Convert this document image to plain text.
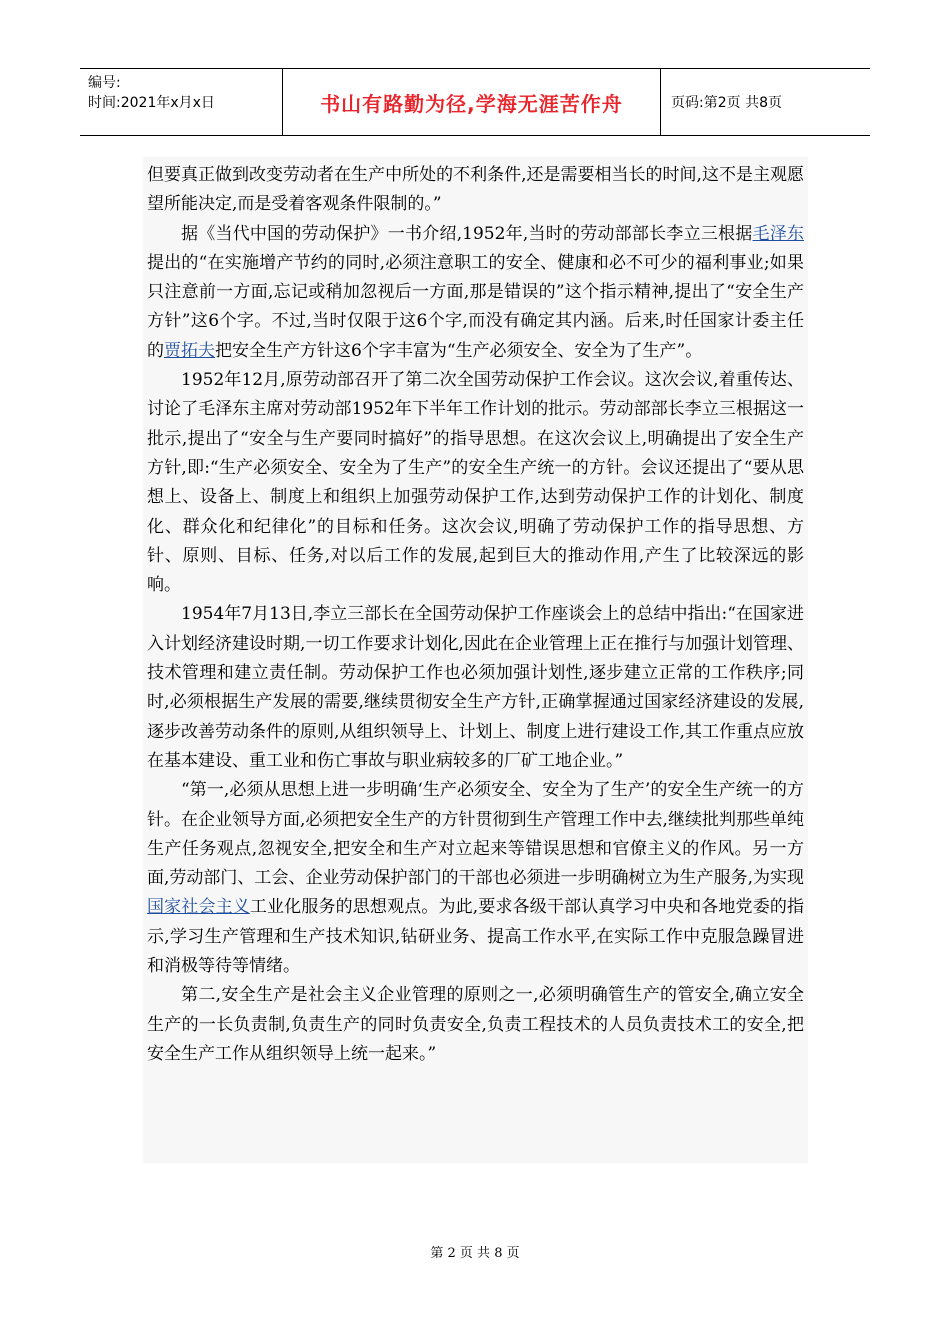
编号:
时间:2021年x月x日	书山有路勤为径,学海无涯苦作舟	页码:第2页 共8页

但要真正做到改变劳动者在生产中所处的不利条件,还是需要相当长的时间,这不是主观愿望所能决定,而是受着客观条件限制的。”

据《当代中国的劳动保护》一书介绍,1952年,当时的劳动部部长李立三根据毛泽东提出的“在实施增产节约的同时,必须注意职工的安全、健康和必不可少的福利事业;如果只注意前一方面,忘记或稍加忽视后一方面,那是错误的”这个指示精神,提出了“安全生产方针”这6个字。不过,当时仅限于这6个字,而没有确定其内涵。后来,时任国家计委主任的贾拓夫把安全生产方针这6个字丰富为“生产必须安全、安全为了生产”。

1952年12月,原劳动部召开了第二次全国劳动保护工作会议。这次会议,着重传达、讨论了毛泽东主席对劳动部1952年下半年工作计划的批示。劳动部部长李立三根据这一批示,提出了“安全与生产要同时搞好”的指导思想。在这次会议上,明确提出了安全生产方针,即:“生产必须安全、安全为了生产”的安全生产统一的方针。会议还提出了“要从思想上、设备上、制度上和组织上加强劳动保护工作,达到劳动保护工作的计划化、制度化、群众化和纪律化”的目标和任务。这次会议,明确了劳动保护工作的指导思想、方针、原则、目标、任务,对以后工作的发展,起到巨大的推动作用,产生了比较深远的影响。

1954年7月13日,李立三部长在全国劳动保护工作座谈会上的总结中指出:“在国家进入计划经济建设时期,一切工作要求计划化,因此在企业管理上正在推行与加强计划管理、技术管理和建立责任制。劳动保护工作也必须加强计划性,逐步建立正常的工作秩序;同时,必须根据生产发展的需要,继续贯彻安全生产方针,正确掌握通过国家经济建设的发展,逐步改善劳动条件的原则,从组织领导上、计划上、制度上进行建设工作,其工作重点应放在基本建设、重工业和伤亡事故与职业病较多的厂矿工地企业。”

“第一,必须从思想上进一步明确‘生产必须安全、安全为了生产’的安全生产统一的方针。在企业领导方面,必须把安全生产的方针贯彻到生产管理工作中去,继续批判那些单纯生产任务观点,忽视安全,把安全和生产对立起来等错误思想和官僚主义的作风。另一方面,劳动部门、工会、企业劳动保护部门的干部也必须进一步明确树立为生产服务,为实现国家社会主义工业化服务的思想观点。为此,要求各级干部认真学习中央和各地党委的指示,学习生产管理和生产技术知识,钻研业务、提高工作水平,在实际工作中克服急躁冒进和消极等待等情绪。

第二,安全生产是社会主义企业管理的原则之一,必须明确管生产的管安全,确立安全生产的一长负责制,负责生产的同时负责安全,负责工程技术的人员负责技术工的安全,把安全生产工作从组织领导上统一起来。”

第 2 页 共 8 页
